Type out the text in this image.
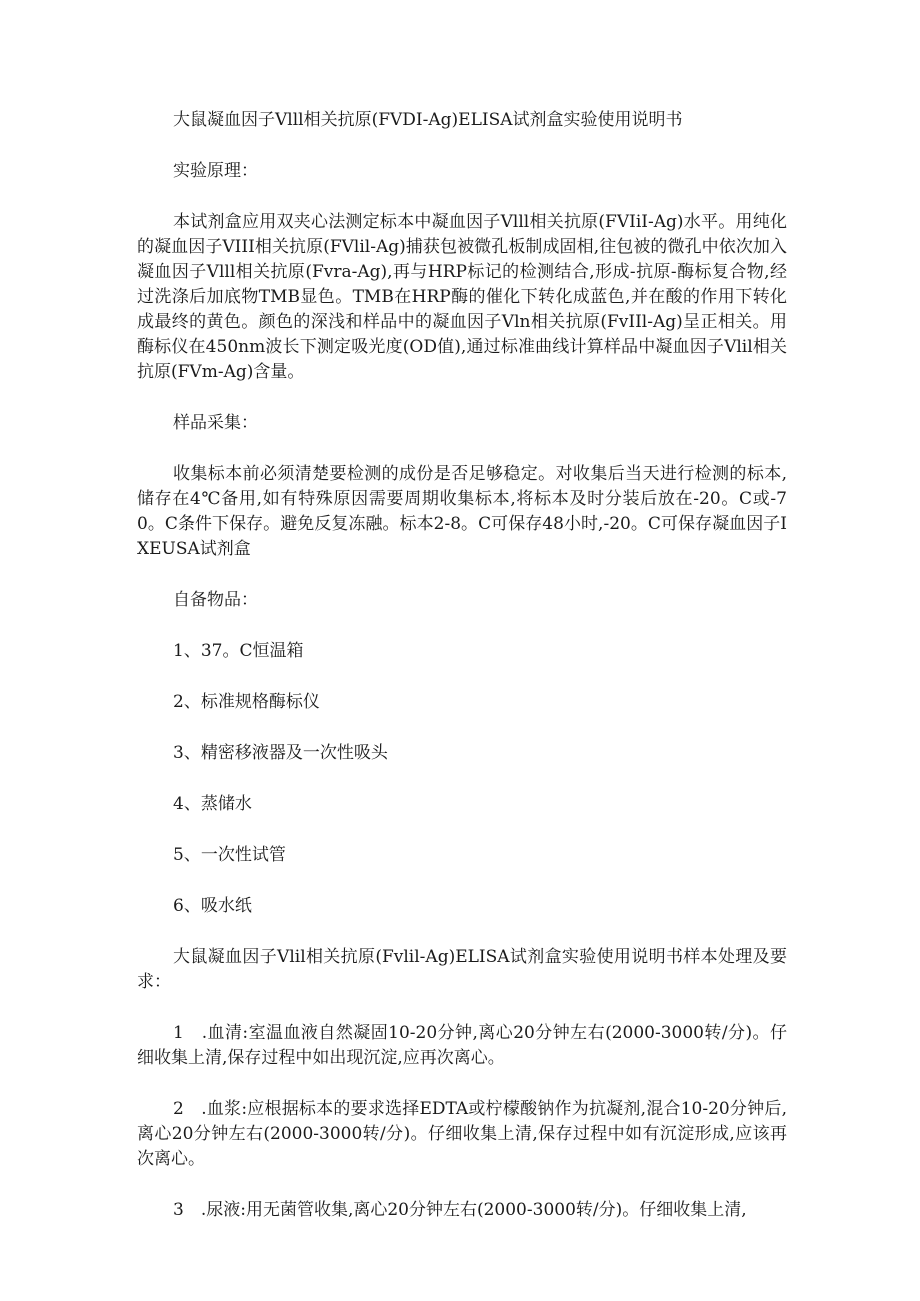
大鼠凝血因子Vlll相关抗原(FVDI-Ag)ELISA试剂盒实验使用说明书

实验原理：

本试剂盒应用双夹心法测定标本中凝血因子Vlll相关抗原(FVIiI-Ag)水平。用纯化的凝血因子VIII相关抗原(FVlil-Ag)捕获包被微孔板制成固相,往包被的微孔中依次加入凝血因子Vlll相关抗原(Fvra-Ag),再与HRP标记的检测结合,形成-抗原-酶标复合物,经过洗涤后加底物TMB显色。TMB在HRP酶的催化下转化成蓝色,并在酸的作用下转化成最终的黄色。颜色的深浅和样品中的凝血因子Vln相关抗原(FvIIl-Ag)呈正相关。用酶标仪在450nm波长下测定吸光度(OD值),通过标准曲线计算样品中凝血因子Vlil相关抗原(FVm-Ag)含量。

样品采集：

收集标本前必须清楚要检测的成份是否足够稳定。对收集后当天进行检测的标本,储存在4℃备用,如有特殊原因需要周期收集标本,将标本及时分装后放在-20。C或-70。C条件下保存。避免反复冻融。标本2-8。C可保存48小时,-20。C可保存凝血因子IXEUSA试剂盒

自备物品：

1、37。C恒温箱

2、标准规格酶标仪

3、精密移液器及一次性吸头

4、蒸储水

5、一次性试管

6、吸水纸

大鼠凝血因子Vlil相关抗原(Fvlil-Ag)ELISA试剂盒实验使用说明书样本处理及要求：

1　.血清:室温血液自然凝固10-20分钟,离心20分钟左右(2000-3000转/分)。仔细收集上清,保存过程中如出现沉淀,应再次离心。

2　.血浆:应根据标本的要求选择EDTA或柠檬酸钠作为抗凝剂,混合10-20分钟后,离心20分钟左右(2000-3000转/分)。仔细收集上清,保存过程中如有沉淀形成,应该再次离心。

3　.尿液:用无菌管收集,离心20分钟左右(2000-3000转/分)。仔细收集上清,
